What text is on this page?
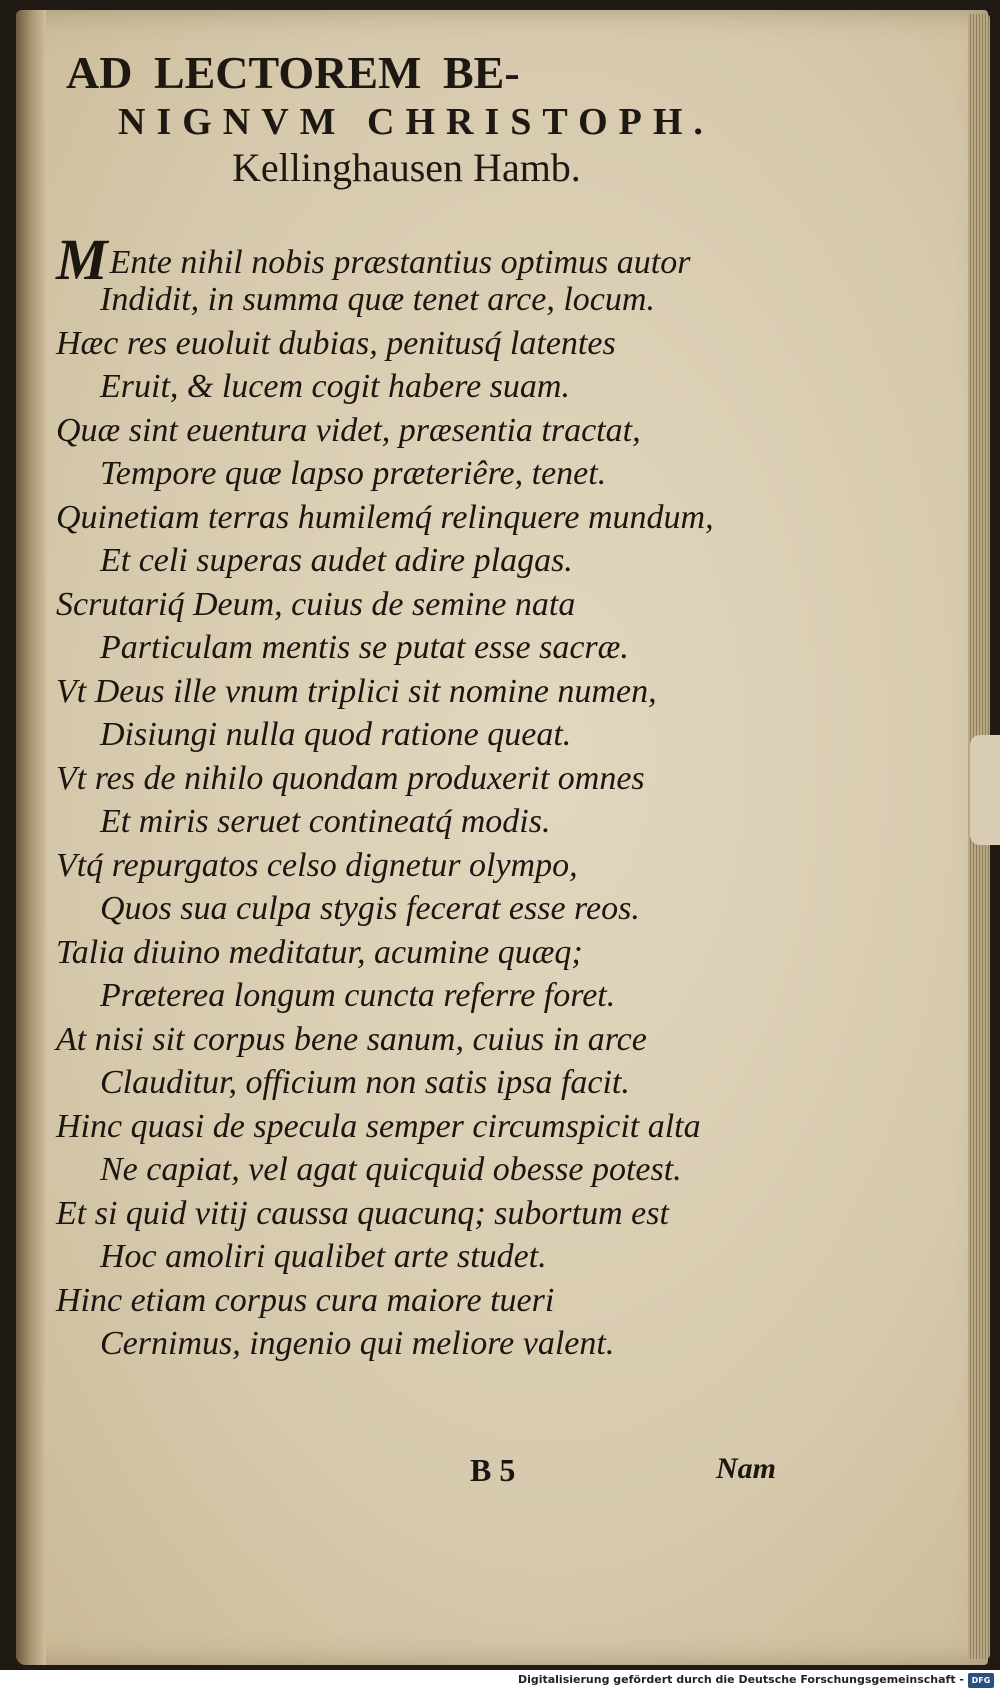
AD LECTOREM BE-
NIGNVM CHRISTOPH.
Kellinghausen Hamb.
MEnte nihil nobis præstantius optimus autor
Indidit, in summa quæ tenet arce, locum.
Hæc res euoluit dubias, penitusq́ latentes
Eruit, & lucem cogit habere suam.
Quæ sint euentura videt, præsentia tractat,
Tempore quæ lapso præteriêre, tenet.
Quinetiam terras humilemq́ relinquere mundum,
Et celi superas audet adire plagas.
Scrutariq́ Deum, cuius de semine nata
Particulam mentis se putat esse sacræ.
Vt Deus ille vnum triplici sit nomine numen,
Disiungi nulla quod ratione queat.
Vt res de nihilo quondam produxerit omnes
Et miris seruet contineatq́ modis.
Vtq́ repurgatos celso dignetur olympo,
Quos sua culpa stygis fecerat esse reos.
Talia diuino meditatur, acumine quæq;
Præterea longum cuncta referre foret.
At nisi sit corpus bene sanum, cuius in arce
Clauditur, officium non satis ipsa facit.
Hinc quasi de specula semper circumspicit alta
Ne capiat, vel agat quicquid obesse potest.
Et si quid vitij caussa quacunq; subortum est
Hoc amoliri qualibet arte studet.
Hinc etiam corpus cura maiore tueri
Cernimus, ingenio qui meliore valent.
B 5	Nam
Digitalisierung gefördert durch die Deutsche Forschungsgemeinschaft - DFG
